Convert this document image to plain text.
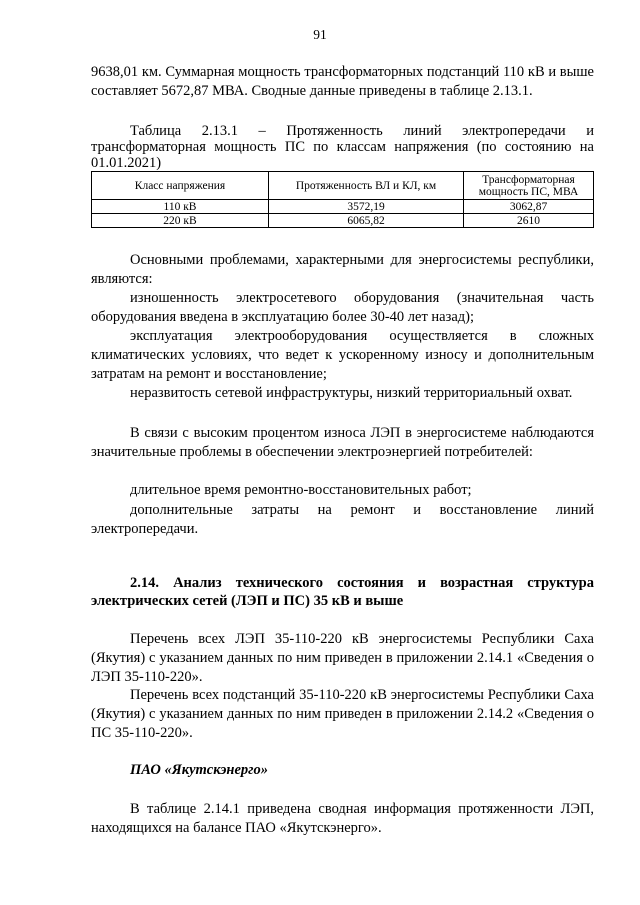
91

9638,01 км. Суммарная мощность трансформаторных подстанций 110 кВ и выше составляет 5672,87 МВА. Сводные данные приведены в таблице 2.13.1.

Таблица 2.13.1 – Протяженность линий электропередачи и трансформаторная мощность ПС по классам напряжения (по состоянию на 01.01.2021)

Класс напряжения	Протяженность ВЛ и КЛ, км	Трансформаторная мощность ПС, МВА
110 кВ	3572,19	3062,87
220 кВ	6065,82	2610

Основными проблемами, характерными для энергосистемы республики, являются:

изношенность электросетевого оборудования (значительная часть оборудования введена в эксплуатацию более 30-40 лет назад);

эксплуатация электрооборудования осуществляется в сложных климатических условиях, что ведет к ускоренному износу и дополнительным затратам на ремонт и восстановление;

неразвитость сетевой инфраструктуры, низкий территориальный охват.

В связи с высоким процентом износа ЛЭП в энергосистеме наблюдаются значительные проблемы в обеспечении электроэнергией потребителей:

длительное время ремонтно-восстановительных работ;

дополнительные затраты на ремонт и восстановление линий электропередачи.

2.14. Анализ технического состояния и возрастная структура электрических сетей (ЛЭП и ПС) 35 кВ и выше

Перечень всех ЛЭП 35-110-220 кВ энергосистемы Республики Саха (Якутия) с указанием данных по ним приведен в приложении 2.14.1 «Сведения о ЛЭП 35-110-220».

Перечень всех подстанций 35-110-220 кВ энергосистемы Республики Саха (Якутия) с указанием данных по ним приведен в приложении 2.14.2 «Сведения о ПС 35-110-220».

ПАО «Якутскэнерго»

В таблице 2.14.1 приведена сводная информация протяженности ЛЭП, находящихся на балансе ПАО «Якутскэнерго».
